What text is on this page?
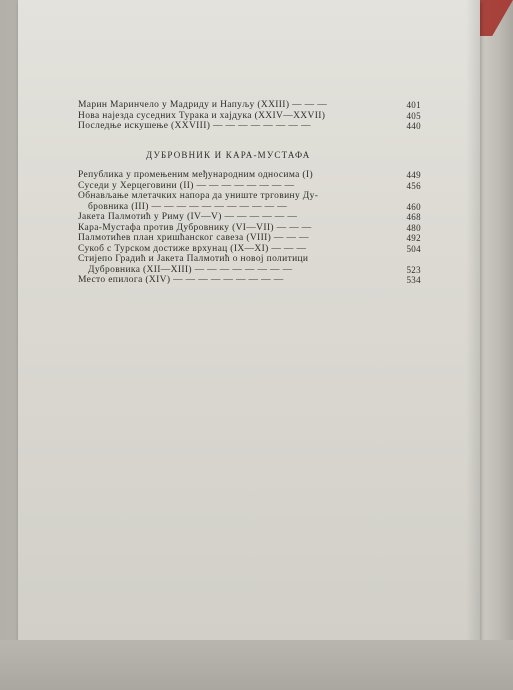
Марин Маринчело у Мадриду и Напуљу (XXIII) — — —	401
Нова најезда суседних Турака и хајдука (XXIV—XXVII)	405
Последње искушење (XXVIII) — — — — — — — —	440
ДУБРОВНИК И КАРА-МУСТАФА
Република у промењеним међународним односима (I)	449
Суседи у Херцеговини (II) — — — — — — — —	456
Обнављање млетачких напора да униште трговину Ду-
бровника (III) — — — — — — — — — — —	460
Јакета Палмотић у Риму (IV—V) — — — — — —	468
Кара-Мустафа против Дубровнику (VI—VII) — — —	480
Палмотићев план хришћанског савеза (VIII) — — —	492
Сукоб с Турском достиже врхунац (IX—XI) — — —	504
Стијепо Градић и Јакета Палмотић о новој политици
Дубровника (XII—XIII) — — — — — — — —	523
Место епилога (XIV) — — — — — — — — —	534
